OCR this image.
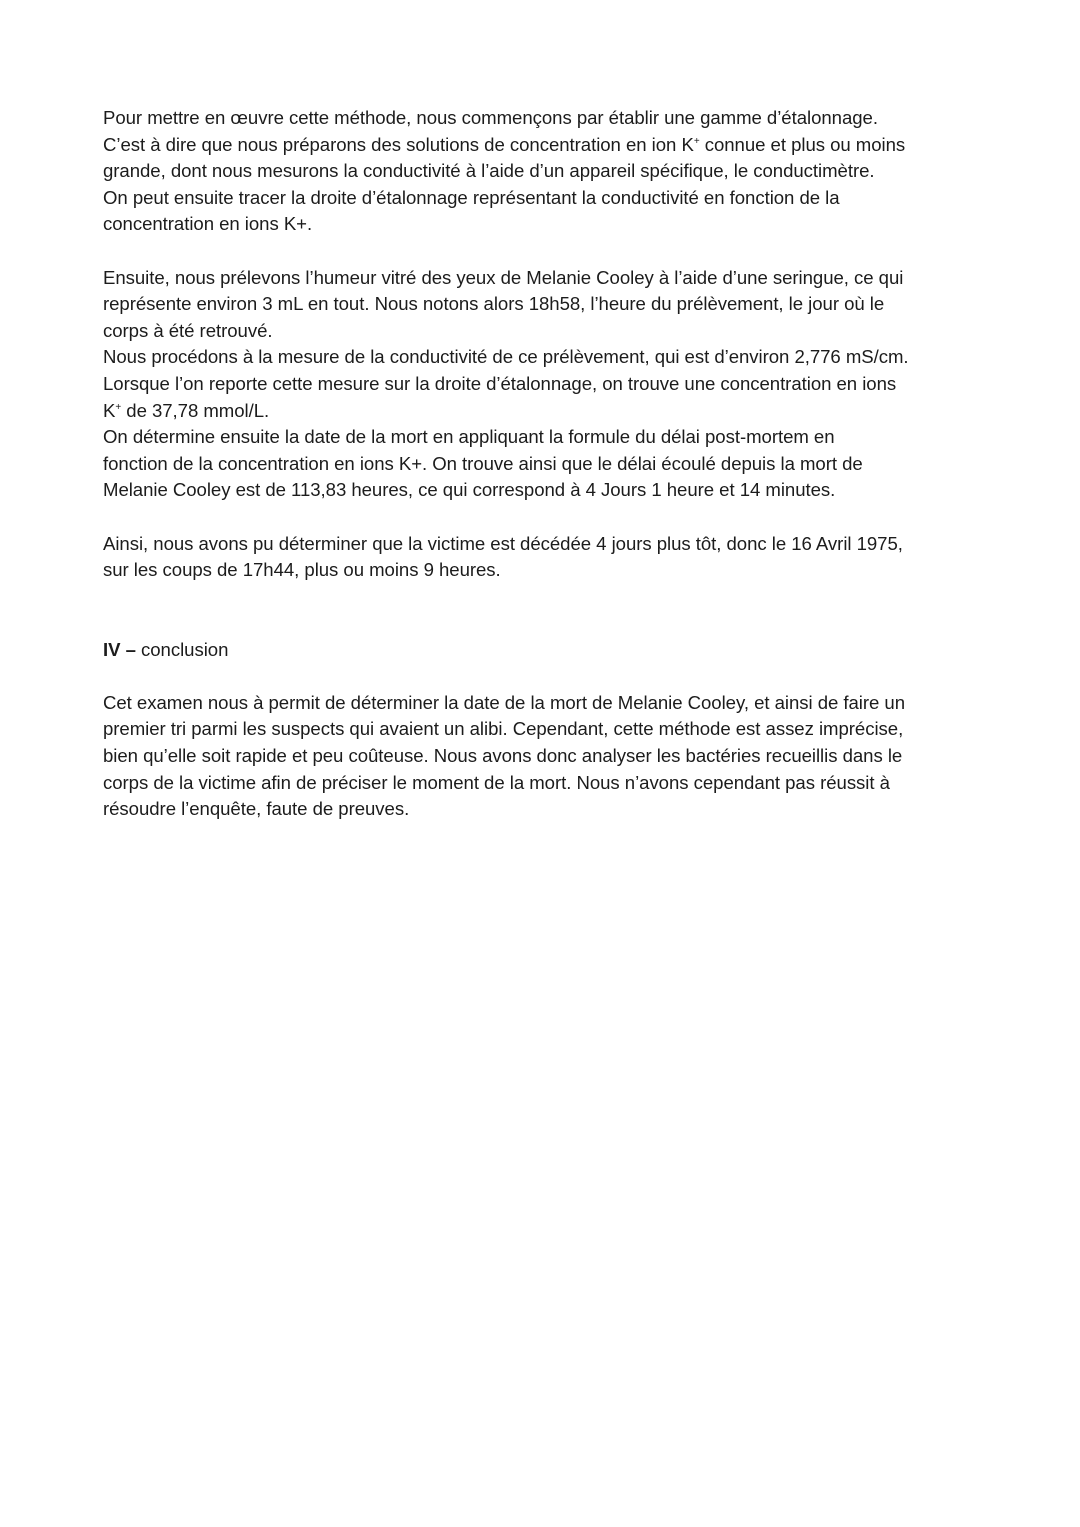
Pour mettre en œuvre cette méthode, nous commençons par établir une gamme d’étalonnage.
C’est à dire que nous préparons des solutions de concentration en ion K+ connue et plus ou moins
grande, dont nous mesurons la conductivité à l’aide d’un appareil spécifique, le conductimètre.
On peut ensuite tracer la droite d’étalonnage représentant la conductivité en fonction de la
concentration en ions K+.

Ensuite, nous prélevons l’humeur vitré des yeux de Melanie Cooley à l’aide d’une seringue, ce qui
représente environ 3 mL en tout. Nous notons alors 18h58, l’heure du prélèvement, le jour où le
corps à été retrouvé.
Nous procédons à la mesure de la conductivité de ce prélèvement, qui est d’environ 2,776 mS/cm.
Lorsque l’on reporte cette mesure sur la droite d’étalonnage, on trouve une concentration en ions
K+ de 37,78 mmol/L.
On détermine ensuite la date de la mort en appliquant la formule du délai post-mortem en
fonction de la concentration en ions K+. On trouve ainsi que le délai écoulé depuis la mort de
Melanie Cooley est de 113,83 heures, ce qui correspond à 4 Jours 1 heure et 14 minutes.

Ainsi, nous avons pu déterminer que la victime est décédée 4 jours plus tôt, donc le 16 Avril 1975,
sur les coups de 17h44, plus ou moins 9 heures.

IV – conclusion

Cet examen nous à permit de déterminer la date de la mort de Melanie Cooley, et ainsi de faire un
premier tri parmi les suspects qui avaient un alibi. Cependant, cette méthode est assez imprécise,
bien qu’elle soit rapide et peu coûteuse. Nous avons donc analyser les bactéries recueillis dans le
corps de la victime afin de préciser le moment de la mort. Nous n’avons cependant pas réussit à
résoudre l’enquête, faute de preuves.
